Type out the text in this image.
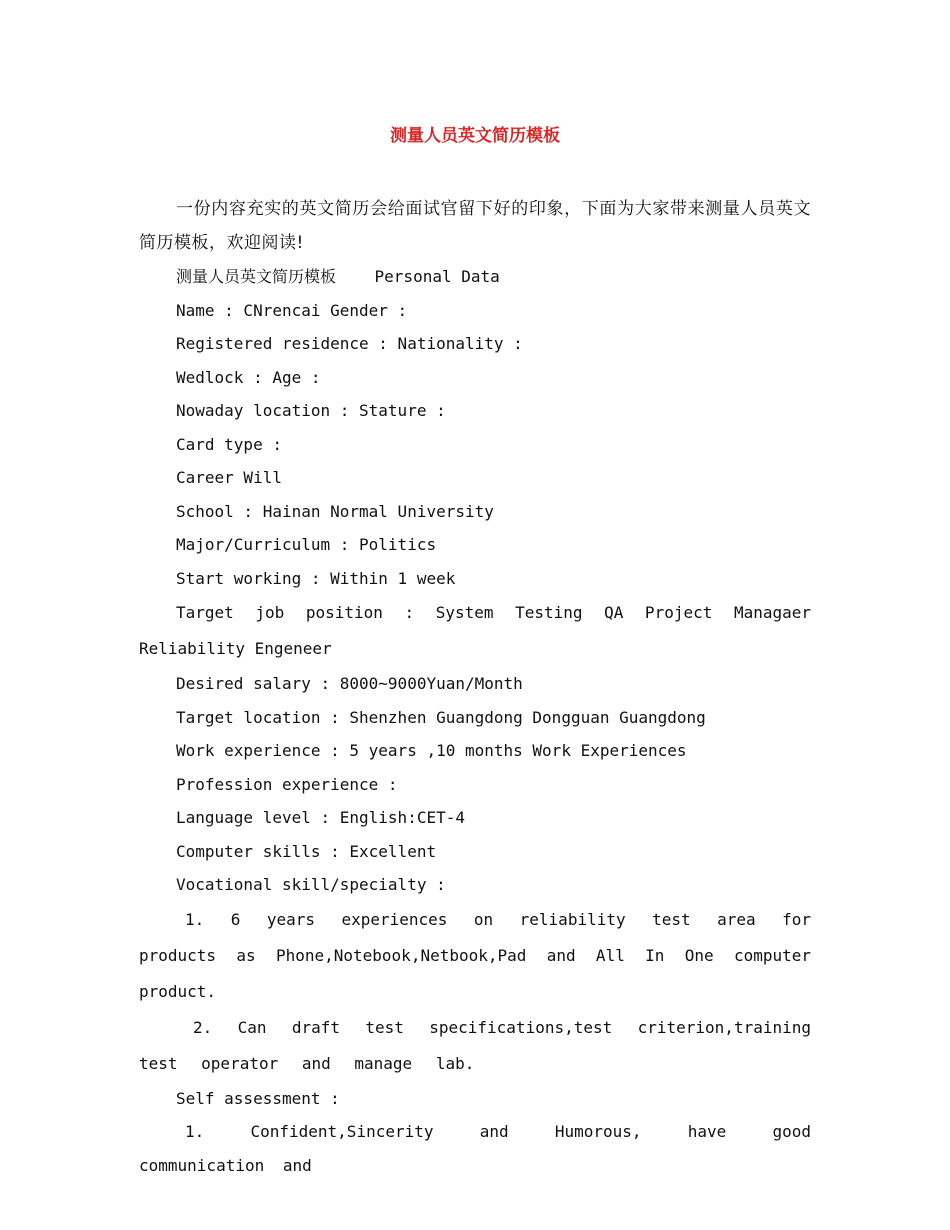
测量人员英文简历模板

一份内容充实的英文简历会给面试官留下好的印象，下面为大家带来测量人员英文简历模板，欢迎阅读!

测量人员英文简历模板    Personal Data

Name : CNrencai Gender :

Registered residence : Nationality :

Wedlock : Age :

Nowaday location : Stature :

Card type :

Career Will

School : Hainan Normal University

Major/Curriculum : Politics

Start working : Within 1 week

Target job position : System Testing QA Project Managaer Reliability Engeneer

Desired salary : 8000~9000Yuan/Month

Target location : Shenzhen Guangdong Dongguan Guangdong

Work experience : 5 years ,10 months Work Experiences

Profession experience :

Language level : English:CET-4

Computer skills : Excellent

Vocational skill/specialty :

1. 6 years experiences on reliability test area for products as Phone,Notebook,Netbook,Pad and All In One computer product.

2. Can draft test specifications,test criterion,training test operator and manage lab.

Self assessment :

1. Confident,Sincerity and Humorous, have good communication and
